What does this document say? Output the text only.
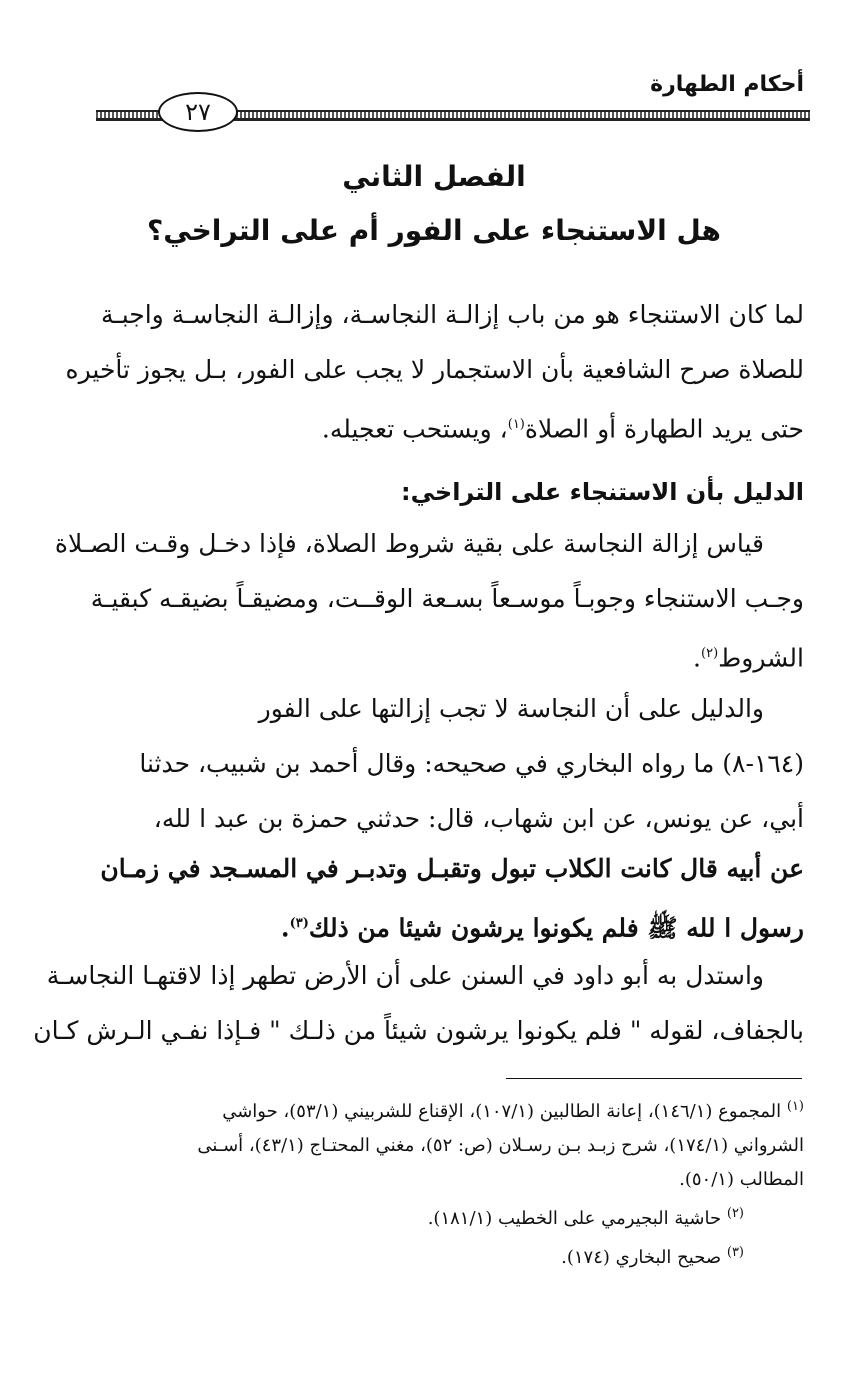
أحكام الطهارة
٢٧
الفصل الثاني
هل الاستنجاء على الفور أم على التراخي؟
لما كان الاستنجاء هو من باب إزالـة النجاسـة، وإزالـة النجاسـة واجبـة
للصلاة صرح الشافعية بأن الاستجمار لا يجب على الفور، بـل يجوز تأخيره
حتى يريد الطهارة أو الصلاة$^{(١)}$، ويستحب تعجيله.
الدليل بأن الاستنجاء على التراخي:
قياس إزالة النجاسة على بقية شروط الصلاة، فإذا دخـل وقـت الصـلاة
وجـب الاستنجاء وجوبـاً موسـعاً بسـعة الوقــت، ومضيقـاً بضيقـه كبقيـة
الشروط$^{(٢)}$.
والدليل على أن النجاسة لا تجب إزالتها على الفور
(١٦٤-٨) ما رواه البخاري في صحيحه: وقال أحمد بن شبيب، حدثنا
أبي، عن يونس، عن ابن شهاب، قال: حدثني حمزة بن عبد ا لله،
عن أبيه قال كانت الكلاب تبول وتقبـل وتدبـر في المسـجد في زمـان
رسول ا لله ﷺ فلم يكونوا يرشون شيئا من ذلك$^{(٣)}$.
واستدل به أبو داود في السنن على أن الأرض تطهر إذا لاقتهـا النجاسـة
بالجفاف، لقوله " فلم يكونوا يرشون شيئاً من ذلـك " فـإذا نفـي الـرش كـان
$^{(١)}$ المجموع (١٤٦/١)، إعانة الطالبين (١٠٧/١)، الإقناع للشربيني (٥٣/١)، حواشي
الشرواني (١٧٤/١)، شرح زبـد بـن رسـلان (ص: ٥٢)، مغني المحتـاج (٤٣/١)، أسـنى
المطالب (٥٠/١).
$^{(٢)}$ حاشية البجيرمي على الخطيب (١٨١/١).
$^{(٣)}$ صحيح البخاري (١٧٤).
